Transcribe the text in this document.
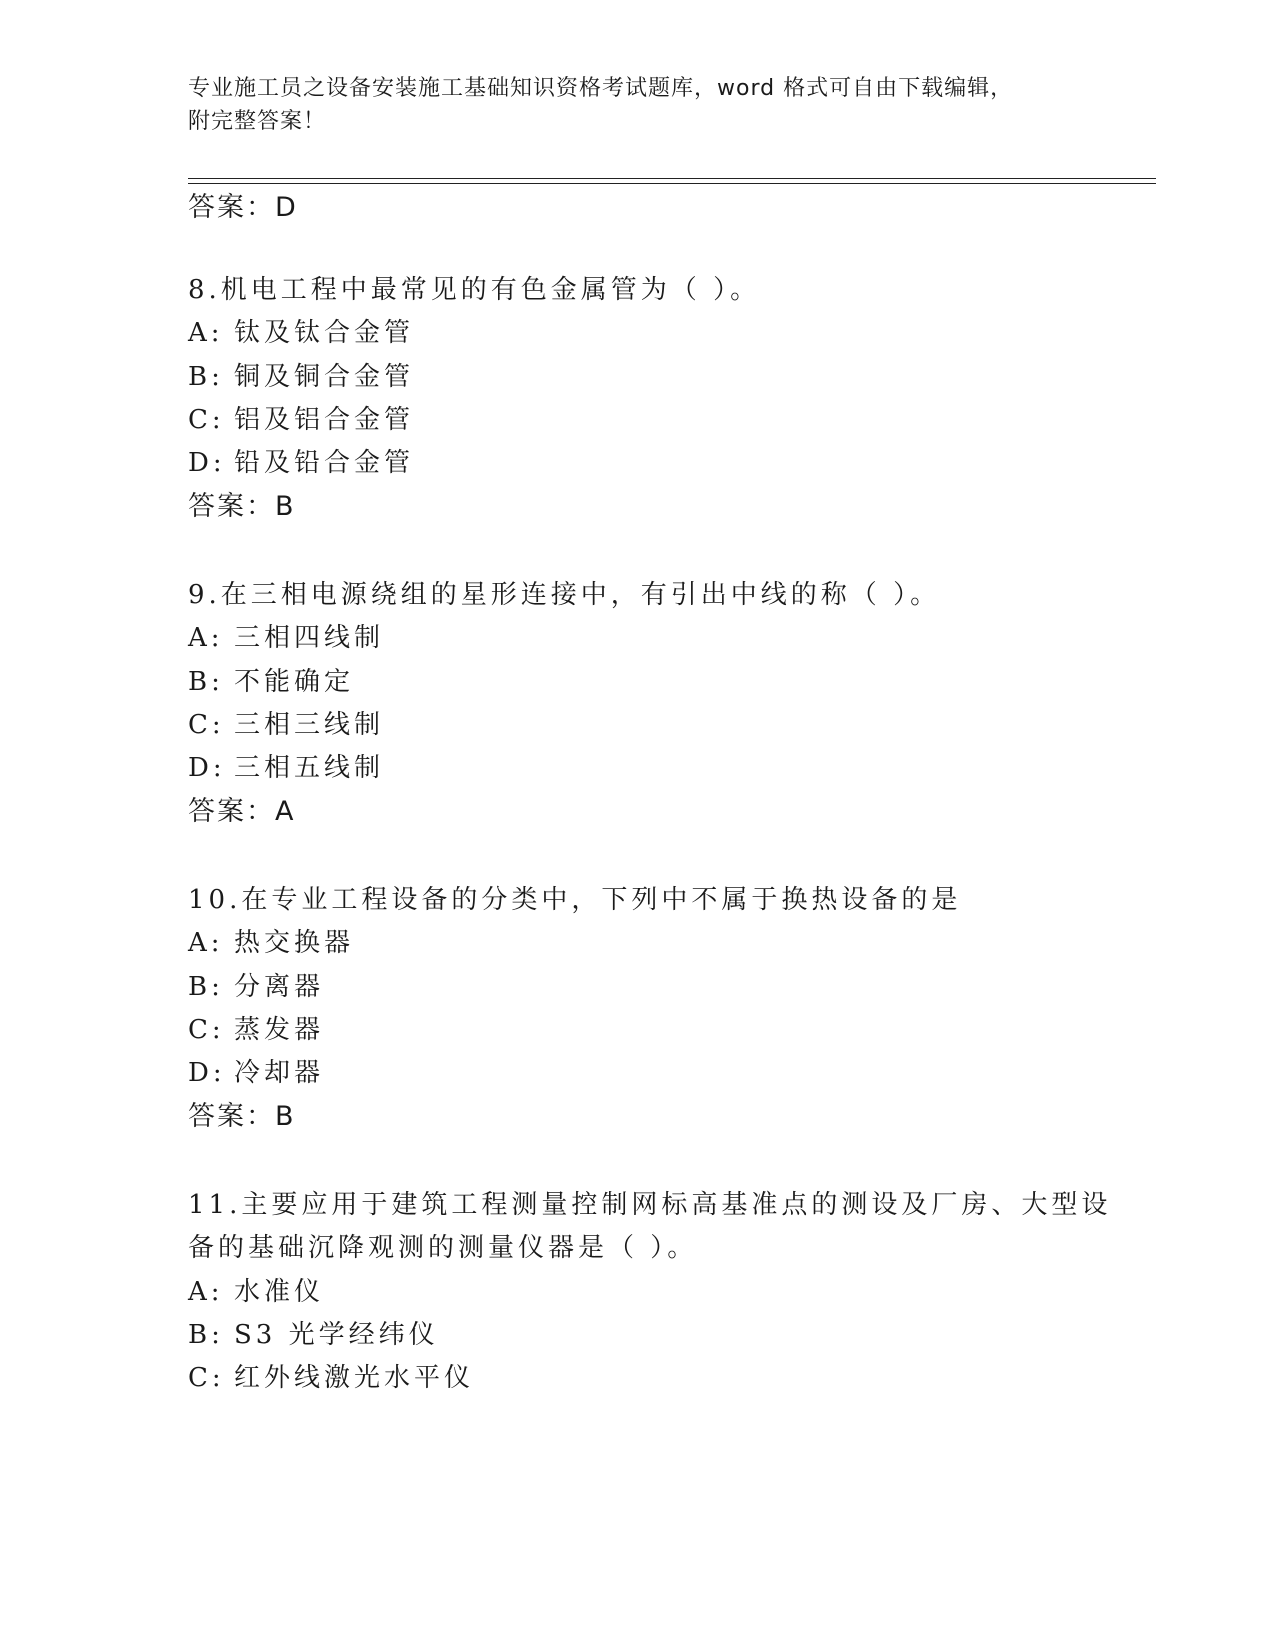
专业施工员之设备安装施工基础知识资格考试题库，word 格式可自由下载编辑，
附完整答案！
答案：D
8.机电工程中最常见的有色金属管为（ ）。
A: 钛及钛合金管
B: 铜及铜合金管
C: 铝及铝合金管
D: 铅及铅合金管
答案：B
9.在三相电源绕组的星形连接中，有引出中线的称（ ）。
A: 三相四线制
B: 不能确定
C: 三相三线制
D: 三相五线制
答案：A
10.在专业工程设备的分类中，下列中不属于换热设备的是
A: 热交换器
B: 分离器
C: 蒸发器
D: 冷却器
答案：B
11.主要应用于建筑工程测量控制网标高基准点的测设及厂房、大型设
备的基础沉降观测的测量仪器是（ ）。
A: 水准仪
B: S3 光学经纬仪
C: 红外线激光水平仪
